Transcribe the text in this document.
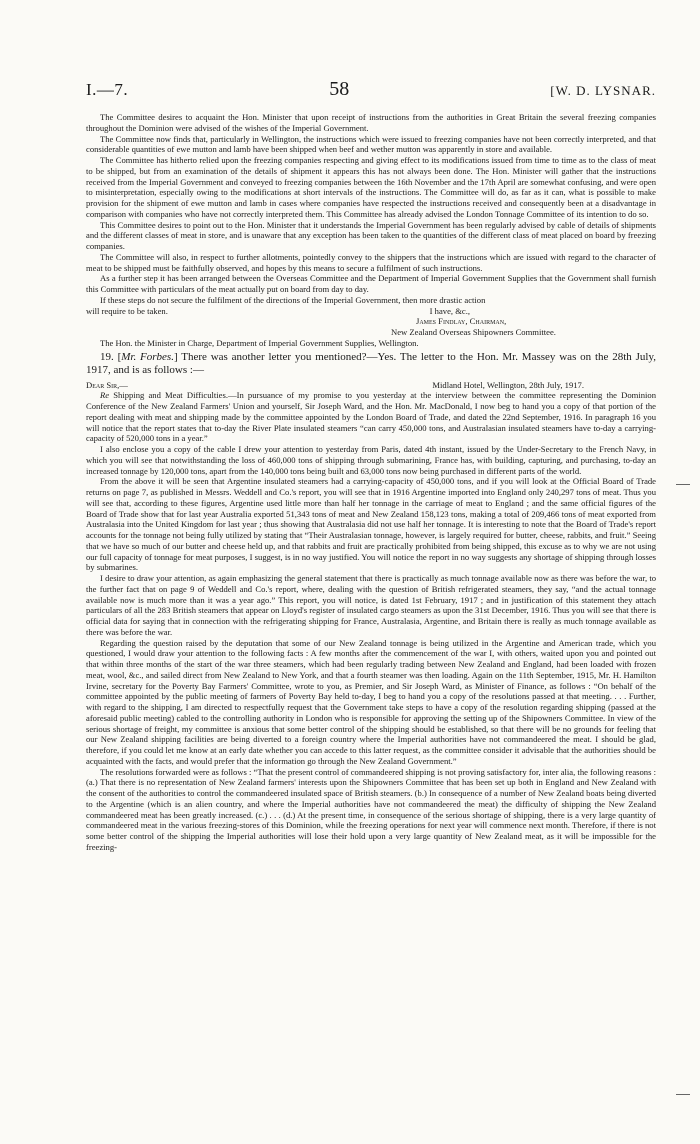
I.—7.	58	[W. D. LYSNAR.

The Committee desires to acquaint the Hon. Minister that upon receipt of instructions from the authorities in Great Britain the several freezing companies throughout the Dominion were advised of the wishes of the Imperial Government.

The Committee now finds that, particularly in Wellington, the instructions which were issued to freezing companies have not been correctly interpreted, and that considerable quantities of ewe mutton and lamb have been shipped when beef and wether mutton was apparently in store and available.

The Committee has hitherto relied upon the freezing companies respecting and giving effect to its modifications issued from time to time as to the class of meat to be shipped, but from an examination of the details of shipment it appears this has not always been done. The Hon. Minister will gather that the instructions received from the Imperial Government and conveyed to freezing companies between the 16th November and the 17th April are somewhat confusing, and were open to misinterpretation, especially owing to the modifications at short intervals of the instructions. The Committee will do, as far as it can, what is possible to make provision for the shipment of ewe mutton and lamb in cases where companies have respected the instructions received and consequently been at a disadvantage in comparison with companies who have not correctly interpreted them. This Committee has already advised the London Tonnage Committee of its intention to do so.

This Committee desires to point out to the Hon. Minister that it understands the Imperial Government has been regularly advised by cable of details of shipments and the different classes of meat in store, and is unaware that any exception has been taken to the quantities of the different class of meat placed on board by freezing companies.

The Committee will also, in respect to further allotments, pointedly convey to the shippers that the instructions which are issued with regard to the character of meat to be shipped must be faithfully observed, and hopes by this means to secure a fulfilment of such instructions.

As a further step it has been arranged between the Overseas Committee and the Department of Imperial Government Supplies that the Government shall furnish this Committee with particulars of the meat actually put on board from day to day.

If these steps do not secure the fulfilment of the directions of the Imperial Government, then more drastic action

will require to be taken.	I have, &c.,
James Findlay, Chairman,
New Zealand Overseas Shipowners Committee.

The Hon. the Minister in Charge, Department of Imperial Government Supplies, Wellington.

19. [Mr. Forbes.] There was another letter you mentioned?—Yes. The letter to the Hon. Mr. Massey was on the 28th July, 1917, and is as follows :—
Dear Sir,—	Midland Hotel, Wellington, 28th July, 1917.

Re Shipping and Meat Difficulties.—In pursuance of my promise to you yesterday at the interview between the committee representing the Dominion Conference of the New Zealand Farmers' Union and yourself, Sir Joseph Ward, and the Hon. Mr. MacDonald, I now beg to hand you a copy of that portion of the report dealing with meat and shipping made by the committee appointed by the London Board of Trade, and dated the 22nd September, 1916. In paragraph 16 you will notice that the report states that to-day the River Plate insulated steamers “can carry 450,000 tons, and Australasian insulated steamers have to-day a carrying-capacity of 520,000 tons in a year.”

I also enclose you a copy of the cable I drew your attention to yesterday from Paris, dated 4th instant, issued by the Under-Secretary to the French Navy, in which you will see that notwithstanding the loss of 460,000 tons of shipping through submarining, France has, with building, capturing, and purchasing, to-day an increased tonnage by 120,000 tons, apart from the 140,000 tons being built and 63,000 tons now being purchased in different parts of the world.

From the above it will be seen that Argentine insulated steamers had a carrying-capacity of 450,000 tons, and if you will look at the Official Board of Trade returns on page 7, as published in Messrs. Weddell and Co.'s report, you will see that in 1916 Argentine imported into England only 240,297 tons of meat. Thus you will see that, according to these figures, Argentine used little more than half her tonnage in the carriage of meat to England ; and the same official figures of the Board of Trade show that for last year Australia exported 51,343 tons of meat and New Zealand 158,123 tons, making a total of 209,466 tons of meat exported from Australasia into the United Kingdom for last year ; thus showing that Australasia did not use half her tonnage. It is interesting to note that the Board of Trade's report accounts for the tonnage not being fully utilized by stating that “Their Australasian tonnage, however, is largely required for butter, cheese, rabbits, and fruit.” Seeing that we have so much of our butter and cheese held up, and that rabbits and fruit are practically prohibited from being shipped, this excuse as to why we are not using our full capacity of tonnage for meat purposes, I suggest, is in no way justified. You will notice the report in no way suggests any shortage of shipping through losses by submarines.

I desire to draw your attention, as again emphasizing the general statement that there is practically as much tonnage available now as there was before the war, to the further fact that on page 9 of Weddell and Co.'s report, where, dealing with the question of British refrigerated steamers, they say, “and the actual tonnage available now is much more than it was a year ago.” This report, you will notice, is dated 1st February, 1917 ; and in justification of this statement they attach particulars of all the 283 British steamers that appear on Lloyd's register of insulated cargo steamers as upon the 31st December, 1916. Thus you will see that there is official data for saying that in connection with the refrigerating shipping for France, Australasia, Argentine, and Britain there is really as much tonnage available as there was before the war.

Regarding the question raised by the deputation that some of our New Zealand tonnage is being utilized in the Argentine and American trade, which you questioned, I would draw your attention to the following facts : A few months after the commencement of the war I, with others, waited upon you and pointed out that within three months of the start of the war three steamers, which had been regularly trading between New Zealand and England, had been loaded with frozen meat, wool, &c., and sailed direct from New Zealand to New York, and that a fourth steamer was then loading. Again on the 11th September, 1915, Mr. H. Hamilton Irvine, secretary for the Poverty Bay Farmers' Committee, wrote to you, as Premier, and Sir Joseph Ward, as Minister of Finance, as follows : “On behalf of the committee appointed by the public meeting of farmers of Poverty Bay held to-day, I beg to hand you a copy of the resolutions passed at that meeting. . . . Further, with regard to the shipping, I am directed to respectfully request that the Government take steps to have a copy of the resolution regarding shipping (passed at the aforesaid public meeting) cabled to the controlling authority in London who is responsible for approving the setting up of the Shipowners Committee. In view of the serious shortage of freight, my committee is anxious that some better control of the shipping should be established, so that there will be no grounds for feeling that our New Zealand shipping facilities are being diverted to a foreign country where the Imperial authorities have not commandeered the meat. I should be glad, therefore, if you could let me know at an early date whether you can accede to this latter request, as the committee consider it advisable that the authorities should be acquainted with the facts, and would prefer that the information go through the New Zealand Government.”

The resolutions forwarded were as follows : “That the present control of commandeered shipping is not proving satisfactory for, inter alia, the following reasons : (a.) That there is no representation of New Zealand farmers' interests upon the Shipowners Committee that has been set up both in England and New Zealand with the consent of the authorities to control the commandeered insulated space of British steamers. (b.) In consequence of a number of New Zealand boats being diverted to the Argentine (which is an alien country, and where the Imperial authorities have not commandeered the meat) the difficulty of shipping the New Zealand commandeered meat has been greatly increased. (c.) . . . (d.) At the present time, in consequence of the serious shortage of shipping, there is a very large quantity of commandeered meat in the various freezing-stores of this Dominion, while the freezing operations for next year will commence next month. Therefore, if there is not some better control of the shipping the Imperial authorities will lose their hold upon a very large quantity of New Zealand meat, as it will be impossible for the freezing-
